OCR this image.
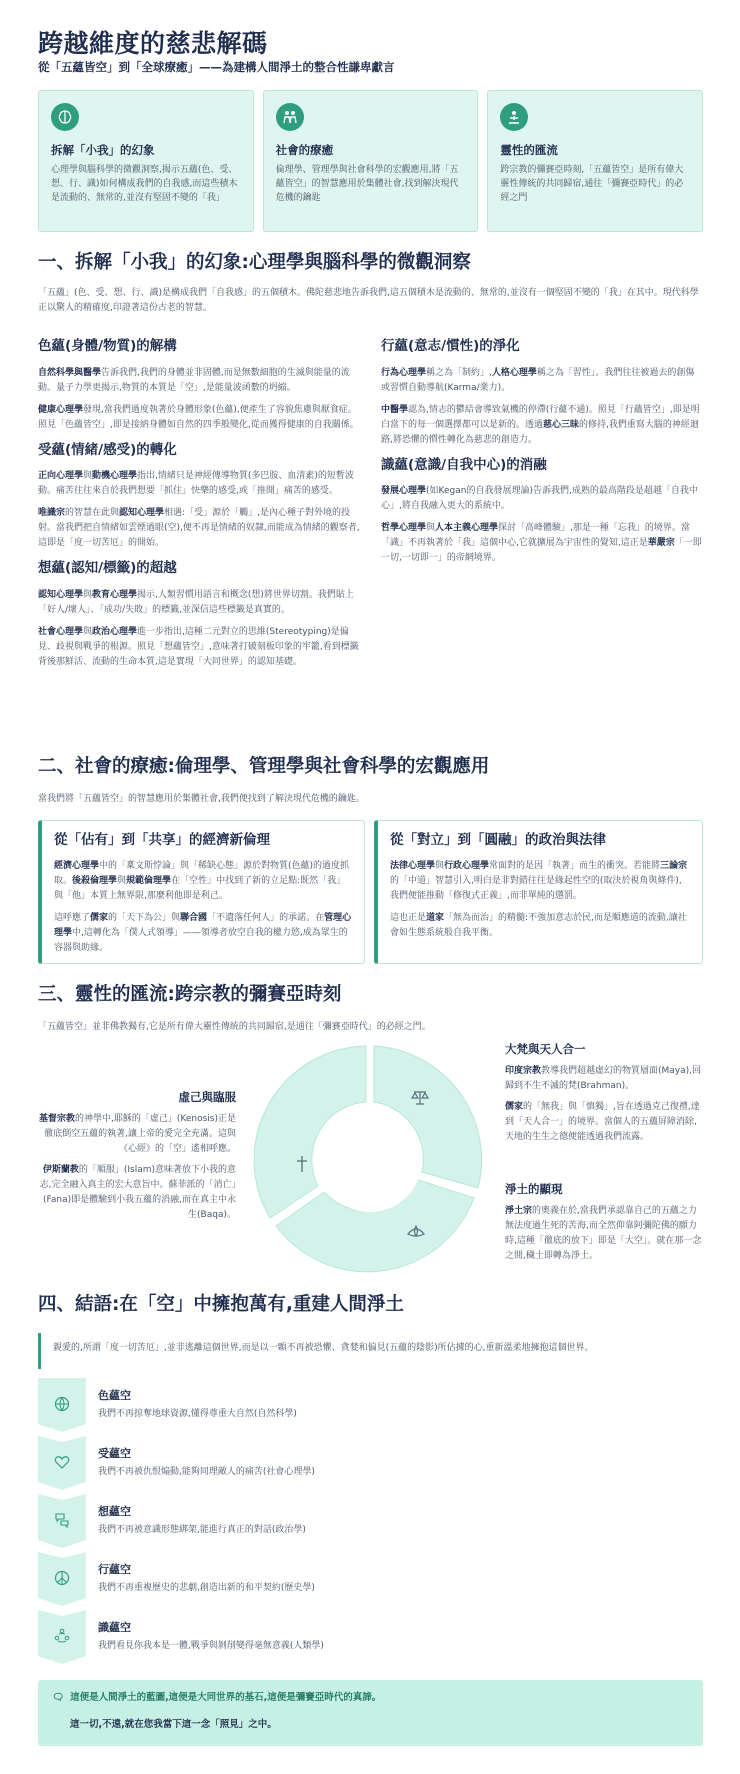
跨越維度的慈悲解碼
從「五蘊皆空」到「全球療癒」——為建構人間淨土的整合性謙卑獻言
拆解「小我」的幻象

心理學與腦科學的微觀洞察,揭示五蘊(色、受、想、行、識)如何構成我們的自我感,而這些積木是流動的、無常的,並沒有堅固不變的「我」

社會的療癒

倫理學、管理學與社會科學的宏觀應用,將「五蘊皆空」的智慧應用於集體社會,找到解決現代危機的鑰匙

靈性的匯流

跨宗教的彌賽亞時刻,「五蘊皆空」是所有偉大靈性傳統的共同歸宿,通往「彌賽亞時代」的必經之門

一、拆解「小我」的幻象:心理學與腦科學的微觀洞察
「五蘊」(色、受、想、行、識)是構成我們「自我感」的五個積木。佛陀慈悲地告訴我們,這五個積木是流動的、無常的,並沒有一個堅固不變的「我」在其中。現代科學正以驚人的精確度,印證著這份古老的智慧。
色蘊(身體/物質)的解構

自然科學與醫學告訴我們,我們的身體並非固體,而是無數細胞的生滅與能量的流動。量子力學更揭示,物質的本質是「空」,是能量波函數的坍縮。

健康心理學發現,當我們過度執著於身體形象(色蘊),便產生了容貌焦慮與厭食症。照見「色蘊皆空」,即是接納身體如自然的四季般變化,從而獲得健康的自我關係。

受蘊(情緒/感受)的轉化

正向心理學與動機心理學指出,情緒只是神經傳導物質(多巴胺、血清素)的短暫波動。痛苦往往來自於我們想要「抓住」快樂的感受,或「推開」痛苦的感受。

唯識宗的智慧在此與認知心理學相遇:「受」源於「觸」,是內心種子對外境的投射。當我們把自情緒如雲煙過眼(空),便不再是情緒的奴隸,而能成為情緒的觀察者,這即是「度一切苦厄」的開始。

想蘊(認知/標籤)的超越

認知心理學與教育心理學揭示,人類習慣用語言和概念(想)將世界切割。我們貼上「好人/壞人」、「成功/失敗」的標籤,並深信這些標籤是真實的。

社會心理學與政治心理學進一步指出,這種二元對立的思維(Stereotyping)是偏見、歧視與戰爭的根源。照見「想蘊皆空」,意味著打破刻板印象的牢籠,看到標籤背後那鮮活、流動的生命本質,這是實現「大同世界」的認知基礎。

行蘊(意志/慣性)的淨化

行為心理學稱之為「制約」,人格心理學稱之為「習性」。我們往往被過去的創傷或習慣自動導航(Karma/業力)。

中醫學認為,情志的鬱結會導致氣機的停滯(行蘊不通)。照見「行蘊皆空」,即是明白當下的每一個選擇都可以是新的。透過慈心三昧的修持,我們重寫大腦的神經迴路,將恐懼的慣性轉化為慈悲的創造力。

識蘊(意識/自我中心)的消融

發展心理學(如Kegan的自我發展理論)告訴我們,成熟的最高階段是超越「自我中心」,將自我融入更大的系統中。

哲學心理學與人本主義心理學探討「高峰體驗」,那是一種「忘我」的境界。當「識」不再執著於「我」這個中心,它就擴展為宇宙性的覺知,這正是華嚴宗「一即一切,一切即一」的帝網境界。

二、社會的療癒:倫理學、管理學與社會科學的宏觀應用
當我們將「五蘊皆空」的智慧應用於集體社會,我們便找到了解決現代危機的鑰匙。
從「佔有」到「共享」的經濟新倫理

經濟心理學中的「稟文斯悖論」與「稀缺心態」源於對物質(色蘊)的過度抓取。後殺倫理學與規範倫理學在「空性」中找到了新的立足點:既然「我」與「他」本質上無界限,那麼利他即是利己。

這呼應了儒家的「天下為公」與聯合國「不遺落任何人」的承諾。在管理心理學中,這轉化為「僕人式領導」——領導者放空自我的權力慾,成為眾生的容器與助緣。

從「對立」到「圓融」的政治與法律

法律心理學與行政心理學常面對的是因「執著」而生的衝突。若能將三論宗的「中道」智慧引入,明白是非對錯往往是緣起性空的(取決於視角與條件),我們便能推動「修復式正義」,而非單純的懲罰。

這也正是道家「無為而治」的精髓:不強加意志於民,而是順應道的流動,讓社會如生態系統般自我平衡。

三、靈性的匯流:跨宗教的彌賽亞時刻
「五蘊皆空」並非佛教獨有,它是所有偉大靈性傳統的共同歸宿,是通往「彌賽亞時代」的必經之門。
虛己與臨服

基督宗教的神學中,耶穌的「虛己」(Kenosis)正是徹底倒空五蘊的執著,讓上帝的愛完全充滿。這與《心經》的「空」遙相呼應。

伊斯蘭教的「順服」(Islam)意味著放下小我的意志,完全融入真主的宏大意旨中。蘇菲派的「消亡」(Fana)即是體驗到小我五蘊的消融,而在真主中永生(Baqa)。

大梵與天人合一

印度宗教教導我們超越虛幻的物質層面(Maya),回歸到不生不滅的梵(Brahman)。

儒家的「無我」與「慎獨」,旨在透過克己復禮,達到「天人合一」的境界。當個人的五蘊屏障消除,天地的生生之德便能透過我們流露。

淨土的顯現

淨土宗的奧義在於,當我們承認靠自己的五蘊之力無法度過生死的苦海,而全然仰靠阿彌陀佛的願力時,這種「徹底的放下」即是「大空」。就在那一念之間,穢土即轉為淨土。

四、結語:在「空」中擁抱萬有,重建人間淨土
親愛的,所謂「度一切苦厄」,並非逃離這個世界,而是以一顆不再被恐懼、貪婪和偏見(五蘊的陰影)所佔據的心,重新溫柔地擁抱這個世界。
色蘊空
我們不再掠奪地球資源,懂得尊重大自然(自然科學)
受蘊空
我們不再被仇恨煽動,能夠同理敵人的痛苦(社會心理學)
想蘊空
我們不再被意識形態綁架,能進行真正的對話(政治學)
行蘊空
我們不再重複歷史的悲劇,創造出新的和平契約(歷史學)
識蘊空
我們看見你我本是一體,戰爭與剝削變得毫無意義(人類學)
🗨︎ 這便是人間淨土的藍圖,這便是大同世界的基石,這便是彌賽亞時代的真諦。
這一切,不遠,就在您我當下這一念「照見」之中。
